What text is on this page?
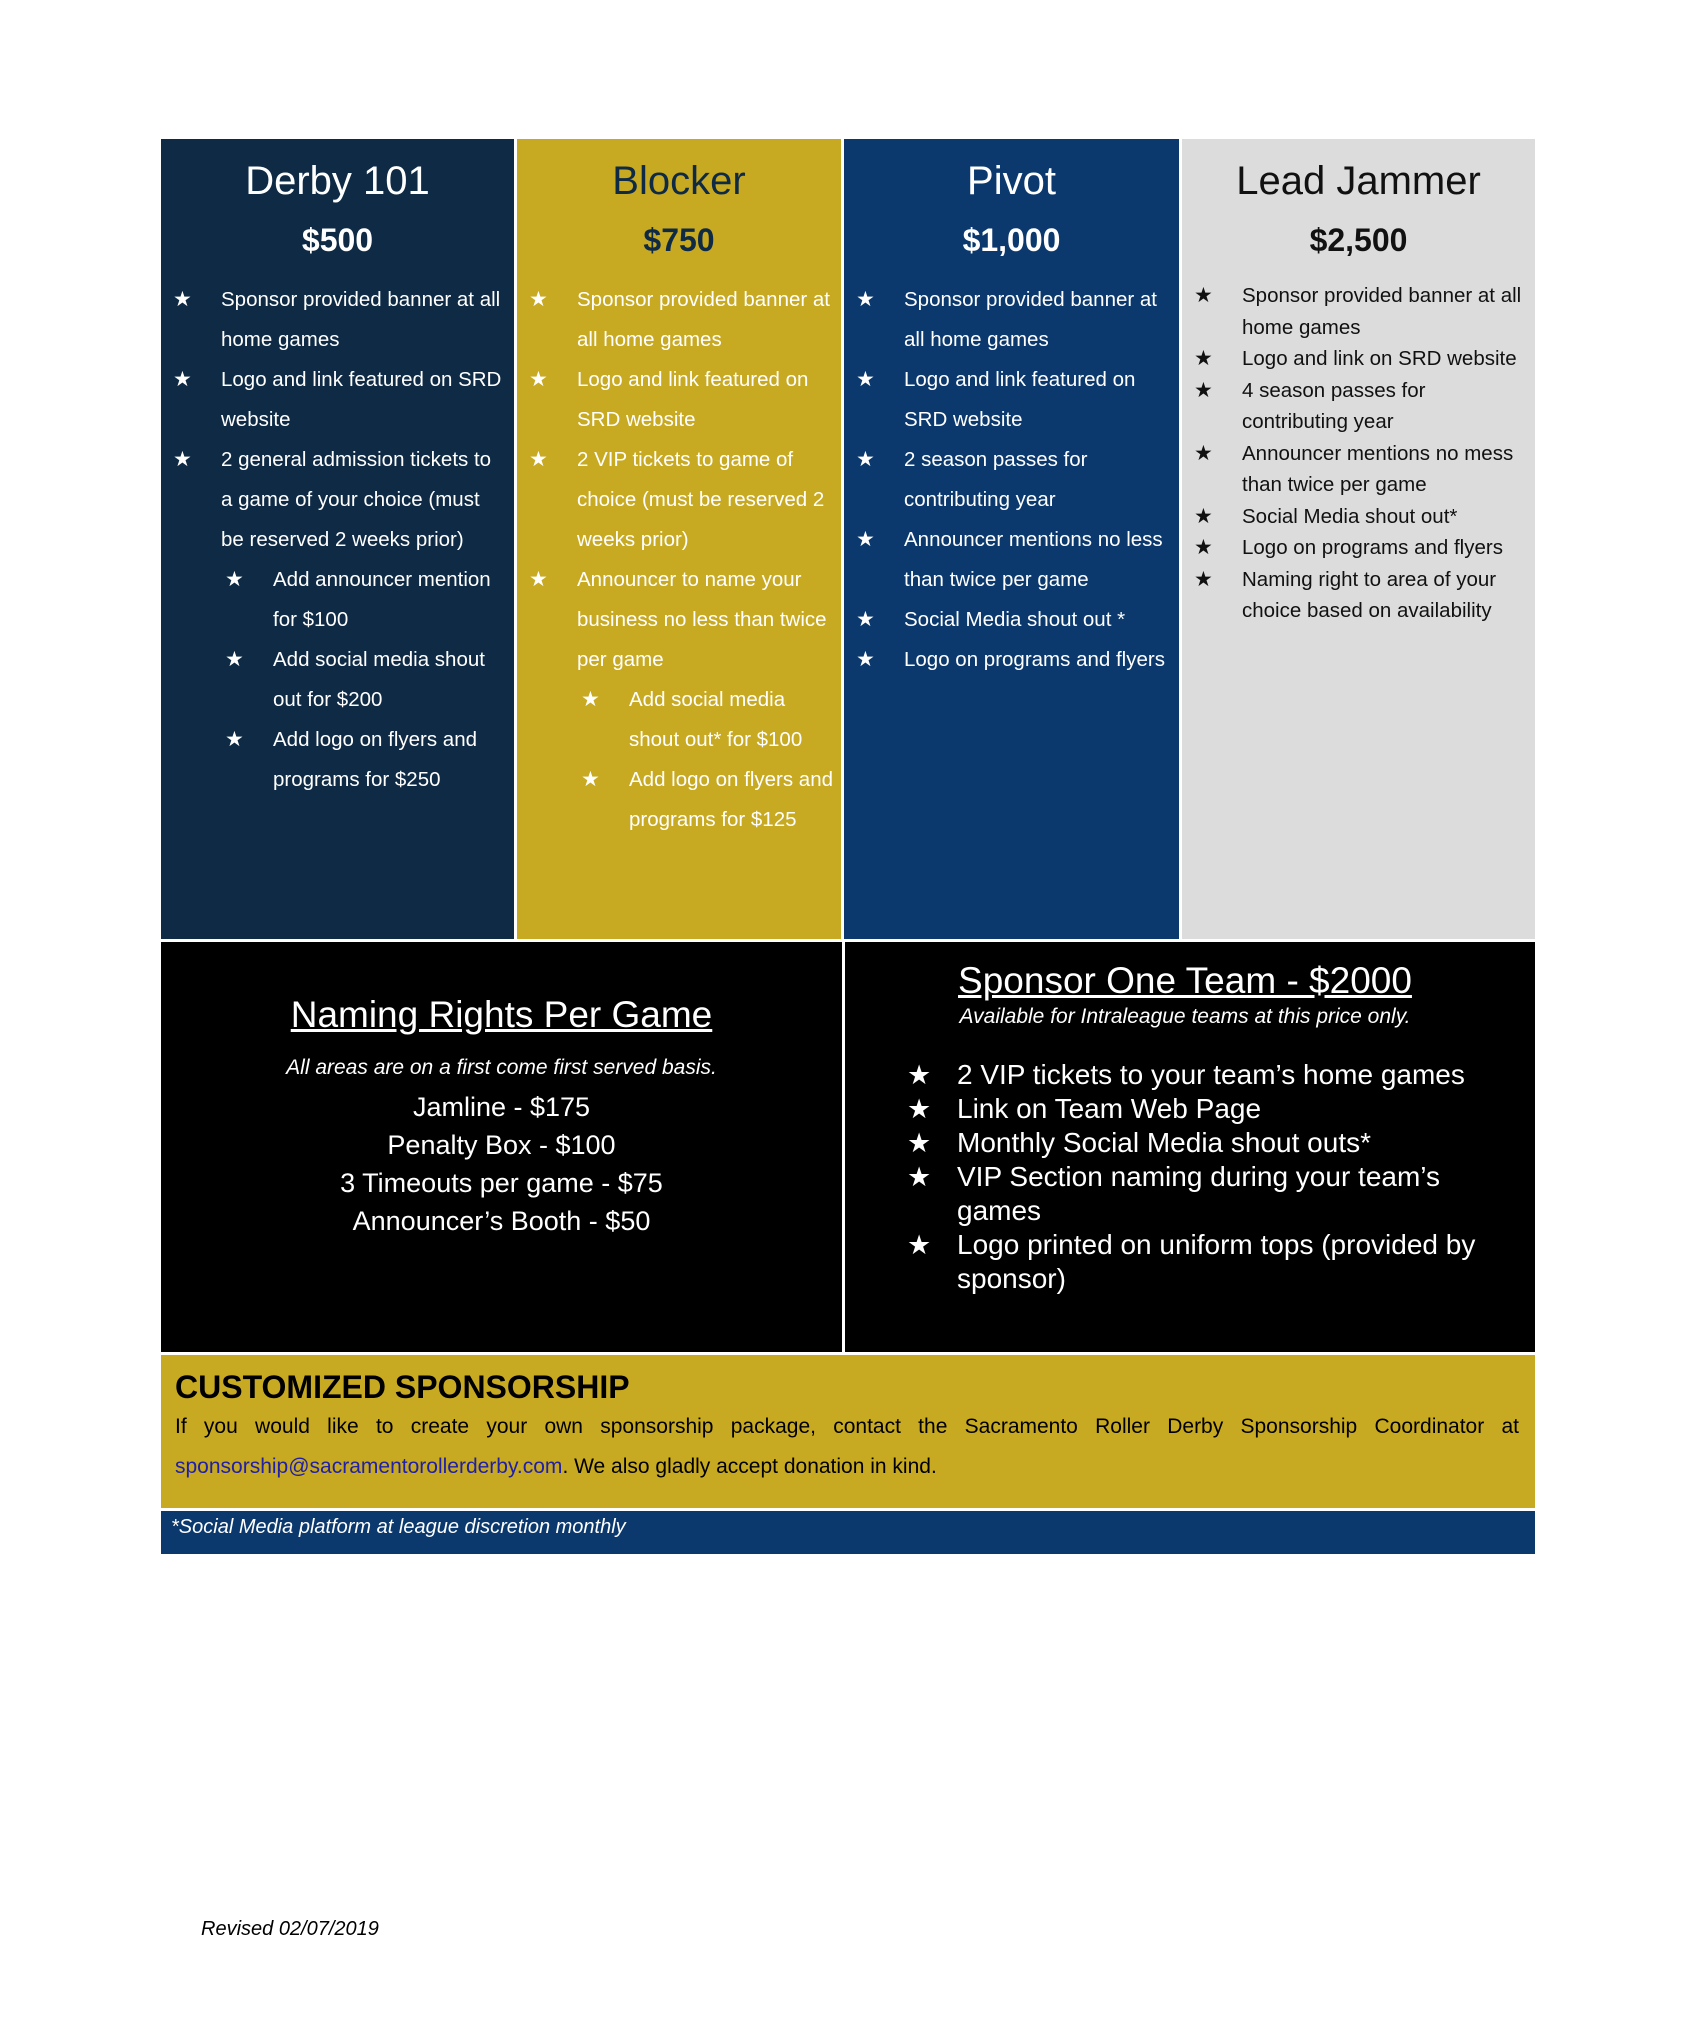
Derby 101
$500
★ Sponsor provided banner at all home games
★ Logo and link featured on SRD website
★ 2 general admission tickets to a game of your choice (must be reserved 2 weeks prior)
★ Add announcer mention for $100
★ Add social media shout out for $200
★ Add logo on flyers and programs for $250
Blocker
$750
★ Sponsor provided banner at all home games
★ Logo and link featured on SRD website
★ 2 VIP tickets to game of choice (must be reserved 2 weeks prior)
★ Announcer to name your business no less than twice per game
★ Add social media shout out* for $100
★ Add logo on flyers and programs for $125
Pivot
$1,000
★ Sponsor provided banner at all home games
★ Logo and link featured on SRD website
★ 2 season passes for contributing year
★ Announcer mentions no less than twice per game
★ Social Media shout out *
★ Logo on programs and flyers
Lead Jammer
$2,500
★ Sponsor provided banner at all home games
★ Logo and link on SRD website
★ 4 season passes for contributing year
★ Announcer mentions no mess than twice per game
★ Social Media shout out*
★ Logo on programs and flyers
★ Naming right to area of your choice based on availability
Naming Rights Per Game
All areas are on a first come first served basis.
Jamline - $175
Penalty Box - $100
3 Timeouts per game - $75
Announcer’s Booth - $50
Sponsor One Team - $2000
Available for Intraleague teams at this price only.
★ 2 VIP tickets to your team’s home games
★ Link on Team Web Page
★ Monthly Social Media shout outs*
★ VIP Section naming during your team’s games
★ Logo printed on uniform tops (provided by sponsor)
CUSTOMIZED SPONSORSHIP
If you would like to create your own sponsorship package, contact the Sacramento Roller Derby Sponsorship Coordinator at sponsorship@sacramentorollerderby.com. We also gladly accept donation in kind.
*Social Media platform at league discretion monthly
Revised 02/07/2019
